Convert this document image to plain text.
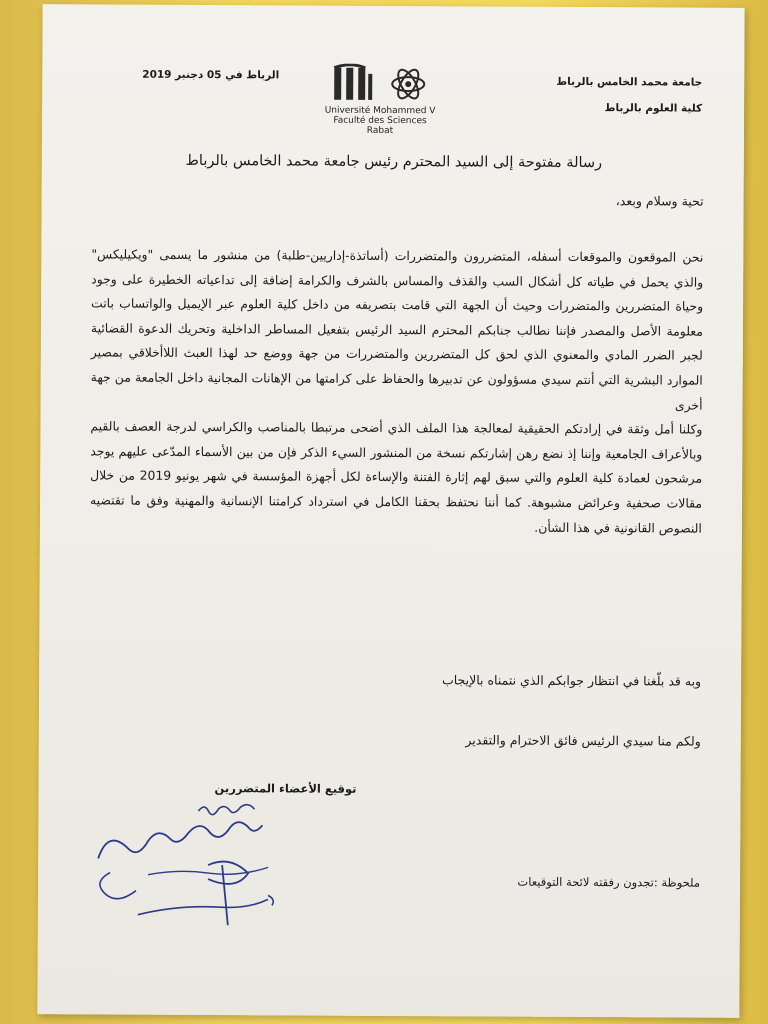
جامعة محمد الخامس بالرباط
كلية العلوم بالرباط
Université Mohammed V
Faculté des Sciences
Rabat
الرباط في 05 دجنبر 2019
رسالة مفتوحة إلى السيد المحترم رئيس جامعة محمد الخامس بالرباط
تحية وسلام وبعد،

نحن الموقعون والموقعات أسفله، المتضررون والمتضررات (أساتذة-إداريين-طلبة) من منشور ما يسمى "ويكيليكس" والذي يحمل في طياته كل أشكال السب والقذف والمساس بالشرف والكرامة إضافة إلى تداعياته الخطيرة على وجود وحياة المتضررين والمتضررات وحيث أن الجهة التي قامت بتصريفه من داخل كلية العلوم عبر الإيميل والواتساب باتت معلومة الأصل والمصدر فإننا نطالب جنابكم المحترم السيد الرئيس بتفعيل المساطر الداخلية وتحريك الدعوة القضائية لجبر الضرر المادي والمعنوي الذي لحق كل المتضررين والمتضررات من جهة ووضع حد لهذا العبث اللاأخلاقي بمصير الموارد البشرية التي أنتم سيدي مسؤولون عن تدبيرها والحفاظ على كرامتها من الإهانات المجانية داخل الجامعة من جهة أخرى

وكلنا أمل وثقة في إرادتكم الحقيقية لمعالجة هذا الملف الذي أضحى مرتبطا بالمناصب والكراسي لدرجة العصف بالقيم وبالأعراف الجامعية وإننا إذ نضع رهن إشارتكم نسخة من المنشور السيء الذكر فإن من بين الأسماء المدّعى عليهم يوجد مرشحون لعمادة كلية العلوم والتي سبق لهم إثارة الفتنة والإساءة لكل أجهزة المؤسسة في شهر يونيو 2019 من خلال مقالات صحفية وعرائض مشبوهة. كما أننا نحتفظ بحقنا الكامل في استرداد كرامتنا الإنسانية والمهنية وفق ما تقتضيه النصوص القانونية في هذا الشأن.

وبه قد بلّغنا في انتظار جوابكم الذي نتمناه بالإيجاب
ولكم منا سيدي الرئيس فائق الاحترام والتقدير
توقيع الأعضاء المتضررين
ملحوظة :تجدون رفقته لائحة التوقيعات
